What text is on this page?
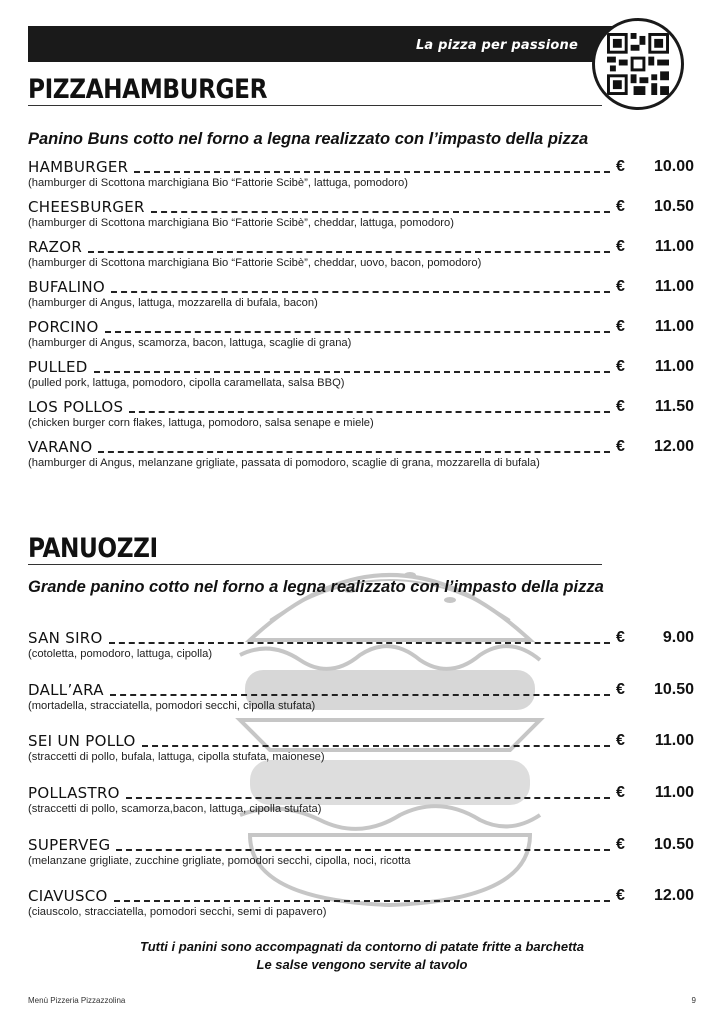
La pizza per passione
PIZZAHAMBURGER
Panino Buns cotto nel forno a legna realizzato con l’impasto della pizza
HAMBURGER	€ 10.00
(hamburger di Scottona marchigiana Bio “Fattorie Scibè”, lattuga, pomodoro)
CHEESBURGER	€ 10.50
(hamburger di Scottona marchigiana Bio “Fattorie Scibè”, cheddar, lattuga, pomodoro)
RAZOR	€ 11.00
(hamburger di Scottona marchigiana Bio “Fattorie Scibè”, cheddar, uovo, bacon, pomodoro)
BUFALINO	€ 11.00
(hamburger di Angus, lattuga, mozzarella di bufala, bacon)
PORCINO	€ 11.00
(hamburger di Angus, scamorza, bacon, lattuga, scaglie di grana)
PULLED	€ 11.00
(pulled pork, lattuga, pomodoro, cipolla caramellata, salsa BBQ)
LOS POLLOS	€ 11.50
(chicken burger corn flakes, lattuga, pomodoro, salsa senape e miele)
VARANO	€ 12.00
(hamburger di Angus, melanzane grigliate, passata di pomodoro, scaglie di grana, mozzarella di bufala)
PANUOZZI
Grande panino cotto nel forno a legna realizzato con l’impasto della pizza
SAN SIRO	€ 9.00
(cotoletta, pomodoro, lattuga, cipolla)
DALL’ARA	€ 10.50
(mortadella, stracciatella, pomodori secchi, cipolla stufata)
SEI UN POLLO	€ 11.00
(straccetti di pollo, bufala, lattuga, cipolla stufata, maionese)
POLLASTRO	€ 11.00
(straccetti di pollo, scamorza,bacon, lattuga, cipolla stufata)
SUPERVEG	€ 10.50
(melanzane grigliate, zucchine grigliate, pomodori secchi, cipolla, noci, ricotta
CIAVUSCO	€ 12.00
(ciauscolo, stracciatella, pomodori secchi, semi di papavero)
Tutti i panini sono accompagnati da contorno di patate fritte a barchetta
Le salse vengono servite al tavolo
Menù Pizzeria Pizzazzolina	9
